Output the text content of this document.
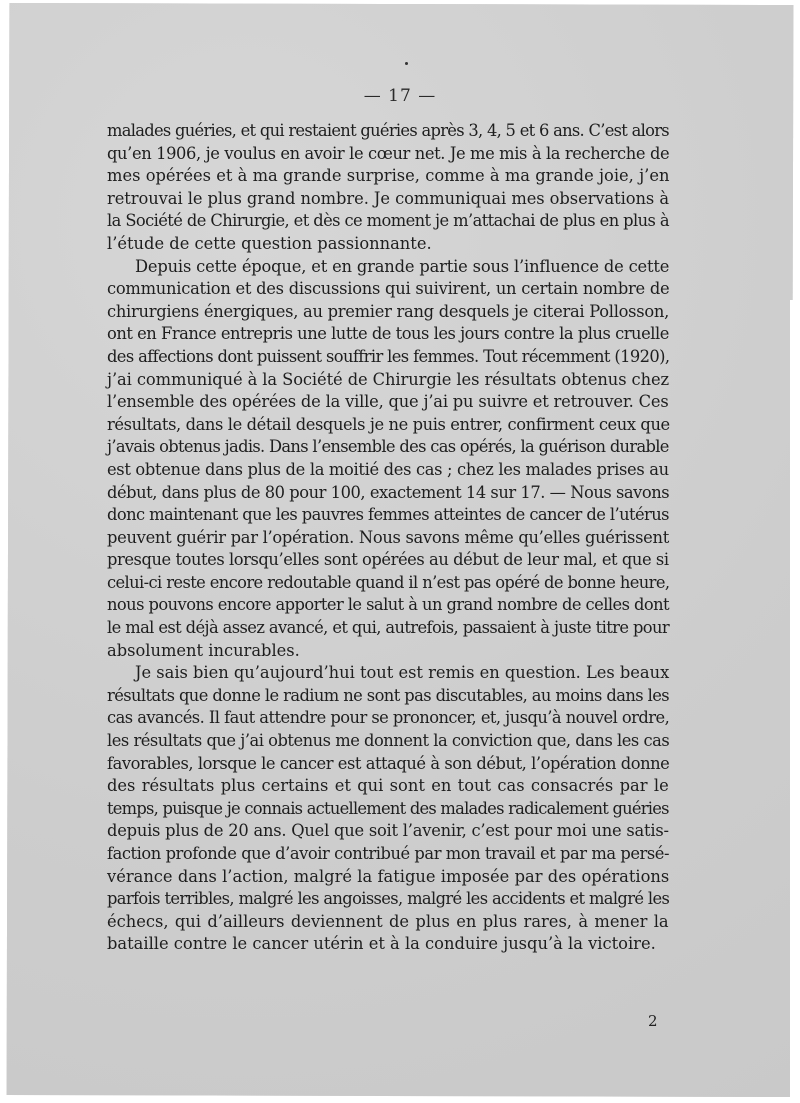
— 17 —
malades guéries, et qui restaient guéries après 3, 4, 5 et 6 ans. C’est alors
qu’en 1906, je voulus en avoir le cœur net. Je me mis à la recherche de
mes opérées et à ma grande surprise, comme à ma grande joie, j’en
retrouvai le plus grand nombre. Je communiquai mes observations à
la Société de Chirurgie, et dès ce moment je m’attachai de plus en plus à
l’étude de cette question passionnante.
Depuis cette époque, et en grande partie sous l’influence de cette
communication et des discussions qui suivirent, un certain nombre de
chirurgiens énergiques, au premier rang desquels je citerai Pollosson,
ont en France entrepris une lutte de tous les jours contre la plus cruelle
des affections dont puissent souffrir les femmes. Tout récemment (1920),
j’ai communiqué à la Société de Chirurgie les résultats obtenus chez
l’ensemble des opérées de la ville, que j’ai pu suivre et retrouver. Ces
résultats, dans le détail desquels je ne puis entrer, confirment ceux que
j’avais obtenus jadis. Dans l’ensemble des cas opérés, la guérison durable
est obtenue dans plus de la moitié des cas ; chez les malades prises au
début, dans plus de 80 pour 100, exactement 14 sur 17. — Nous savons
donc maintenant que les pauvres femmes atteintes de cancer de l’utérus
peuvent guérir par l’opération. Nous savons même qu’elles guérissent
presque toutes lorsqu’elles sont opérées au début de leur mal, et que si
celui-ci reste encore redoutable quand il n’est pas opéré de bonne heure,
nous pouvons encore apporter le salut à un grand nombre de celles dont
le mal est déjà assez avancé, et qui, autrefois, passaient à juste titre pour
absolument incurables.
Je sais bien qu’aujourd’hui tout est remis en question. Les beaux
résultats que donne le radium ne sont pas discutables, au moins dans les
cas avancés. Il faut attendre pour se prononcer, et, jusqu’à nouvel ordre,
les résultats que j’ai obtenus me donnent la conviction que, dans les cas
favorables, lorsque le cancer est attaqué à son début, l’opération donne
des résultats plus certains et qui sont en tout cas consacrés par le
temps, puisque je connais actuellement des malades radicalement guéries
depuis plus de 20 ans. Quel que soit l’avenir, c’est pour moi une satis-
faction profonde que d’avoir contribué par mon travail et par ma persé-
vérance dans l’action, malgré la fatigue imposée par des opérations
parfois terribles, malgré les angoisses, malgré les accidents et malgré les
échecs, qui d’ailleurs deviennent de plus en plus rares, à mener la
bataille contre le cancer utérin et à la conduire jusqu’à la victoire.
2
